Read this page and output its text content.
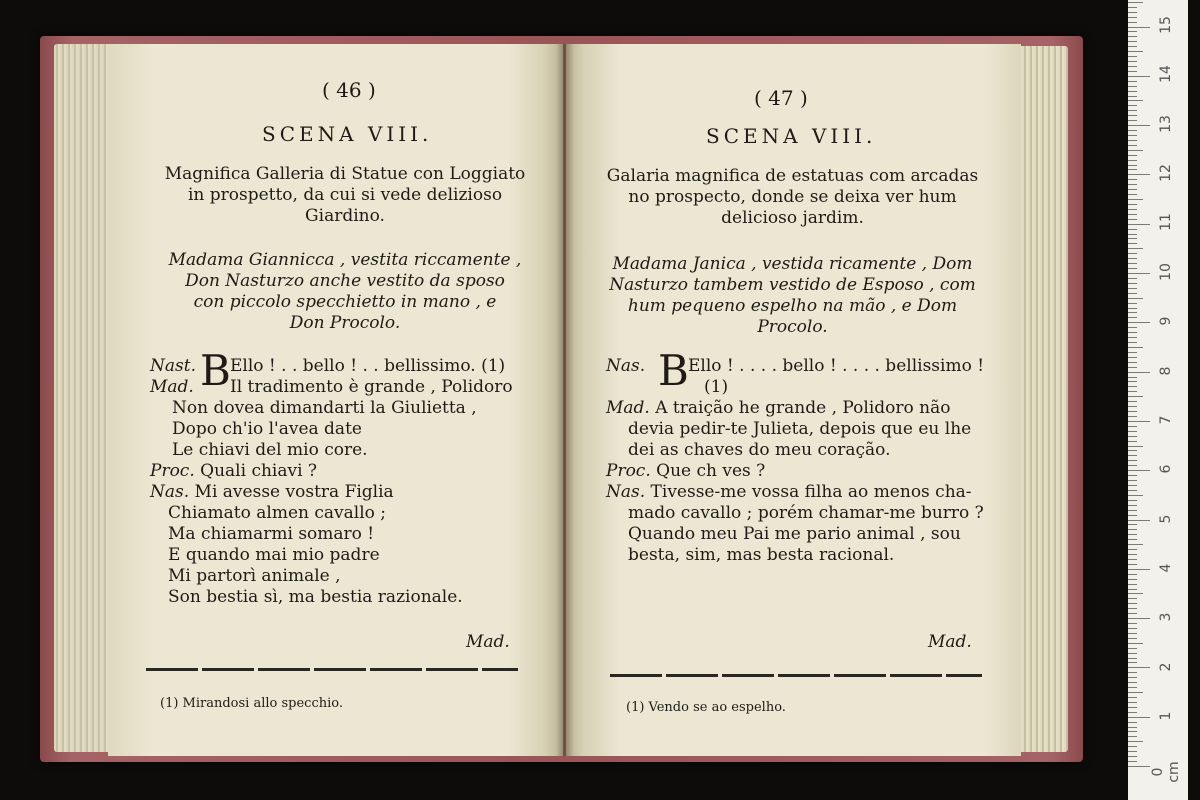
( 46 )
SCENA VIII.
Magnifica Galleria di Statue con Loggiato
in prospetto, da cui si vede delizioso
Giardino.
Madama Giannicca , vestita riccamente ,
Don Nasturzo anche vestito da sposo
con piccolo specchietto in mano , e
Don Procolo.
Nast. B Ello ! . . bello ! . . bellissimo. (1)
Mad. Il tradimento è grande , Polidoro
Non dovea dimandarti la Giulietta ,
Dopo ch'io l'avea date
Le chiavi del mio core.
Proc. Quali chiavi ?
Nas. Mi avesse vostra Figlia
Chiamato almen cavallo ;
Ma chiamarmi somaro !
E quando mai mio padre
Mi partorì animale ,
Son bestia sì, ma bestia razionale.
Mad.
(1) Mirandosi allo specchio.
( 47 )
SCENA VIII.
Galaria magnifica de estatuas com arcadas
no prospecto, donde se deixa ver hum
delicioso jardim.
Madama Janica , vestida ricamente , Dom
Nasturzo tambem vestido de Esposo , com
hum pequeno espelho na mão , e Dom
Procolo.
Nas. B Ello ! . . . . bello ! . . . . bellissimo !
(1)
Mad. A traição he grande , Polidoro não
devia pedir-te Julieta, depois que eu lhe
dei as chaves do meu coração.
Proc. Que ch ves ?
Nas. Tivesse-me vossa filha ao menos cha-
mado cavallo ; porém chamar-me burro ?
Quando meu Pai me pario animal , sou
besta, sim, mas besta racional.
Mad.
(1) Vendo se ao espelho.
0 cm
1
2
3
4
5
6
7
8
9
10
11
12
13
14
15
